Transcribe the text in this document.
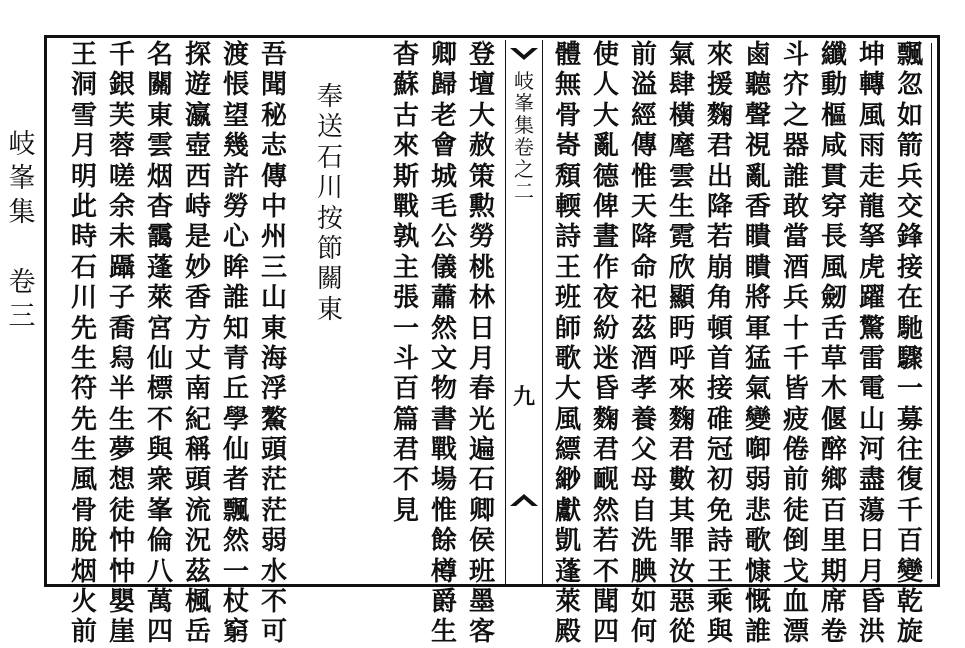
岐
峯
集
卷
三
飄
忽
如
箭
兵
交
鋒
接
在
馳
驟
一
募
往
復
千
百
變
乾
旋
坤
轉
風
雨
走
龍
拏
虎
躍
驚
雷
電
山
河
盡
蕩
日
月
昏
洪
纖
動
樞
咸
貫
穿
長
風
劒
舌
草
木
偃
醉
鄉
百
里
期
席
卷
斗
㝏
之
器
誰
敢
當
酒
兵
十
千
皆
疲
倦
前
徒
倒
戈
血
漂
鹵
聽
聲
視
亂
香
瞶
瞶
將
軍
猛
氣
變
啣
弱
悲
歌
慷
慨
誰
來
援
麴
君
出
降
若
崩
角
頓
首
接
碓
冠
初
免
詩
王
乘
與
氣
肆
橫
麾
雲
生
霓
欣
顯
眄
呼
來
麴
君
數
其
罪
汝
惡
從
前
溢
經
傳
惟
天
降
命
祀
茲
酒
孝
養
父
母
自
洗
腆
如
何
使
人
大
亂
德
俾
晝
作
夜
紛
迷
昏
麴
君
䩄
然
若
不
聞
四
體
無
骨
㟢
頽
輭
詩
王
班
師
歌
大
風
縹
緲
獻
凱
蓬
萊
殿
岐
峯
集
卷
之
二
九
登
壇
大
赦
策
勲
勞
桃
林
日
月
春
光
遍
石
卿
侯
班
墨
客
卿
歸
老
會
城
毛
公
儀
蕭
然
文
物
書
戰
場
惟
餘
樽
爵
生
杳
蘇
古
來
斯
戰
孰
主
張
一
斗
百
篇
君
不
見
奉
送
石
川
按
節
關
東
吾
聞
秘
志
傳
中
州
三
山
東
海
浮
鰲
頭
茫
茫
弱
水
不
可
渡
悵
望
幾
許
勞
心
眸
誰
知
青
丘
學
仙
者
飄
然
一
杖
窮
探
遊
瀛
壺
西
峙
是
妙
香
方
丈
南
紀
稱
頭
流
況
茲
楓
岳
名
關
東
雲
烟
杳
靄
蓬
萊
宮
仙
標
不
與
衆
峯
倫
八
萬
四
千
銀
芙
蓉
嗟
余
未
躡
子
喬
舄
半
生
夢
想
徒
忡
忡
嬰
崖
王
洞
雪
月
明
此
時
石
川
先
生
符
先
生
風
骨
脫
烟
火
前
